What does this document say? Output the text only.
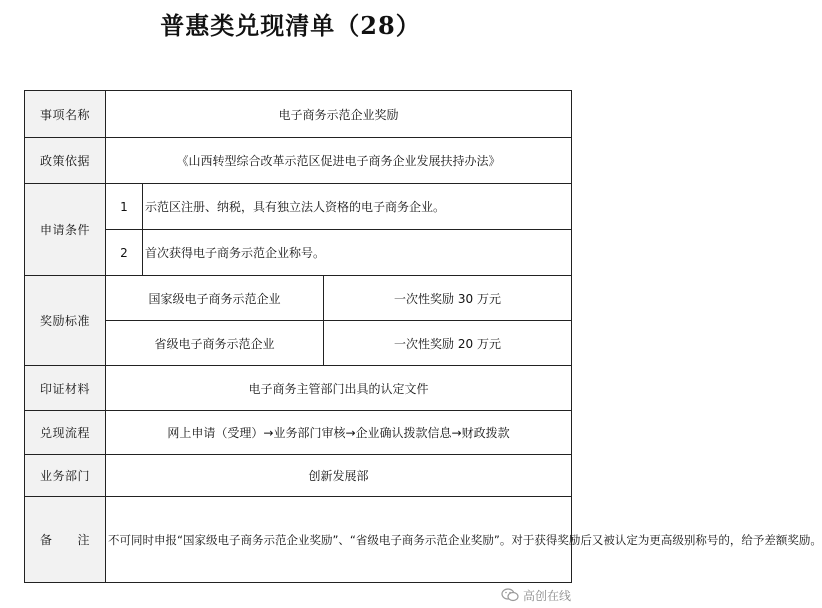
普惠类兑现清单（28）
事项名称	电子商务示范企业奖励		
政策依据	《山西转型综合改革示范区促进电子商务企业发展扶持办法》		
申请条件	1	示范区注册、纳税，具有独立法人资格的电子商务企业。	
	2	首次获得电子商务示范企业称号。	
奖励标准	国家级电子商务示范企业		一次性奖励 30 万元
	省级电子商务示范企业		一次性奖励 20 万元
印证材料	电子商务主管部门出具的认定文件		
兑现流程	网上申请（受理）→业务部门审核→企业确认拨款信息→财政拨款		
业务部门	创新发展部		
备　　注	不可同时申报“国家级电子商务示范企业奖励”、“省级电子商务示范企业奖励”。对于获得奖励后又被认定为更高级别称号的，给予差额奖励。		
高创在线
